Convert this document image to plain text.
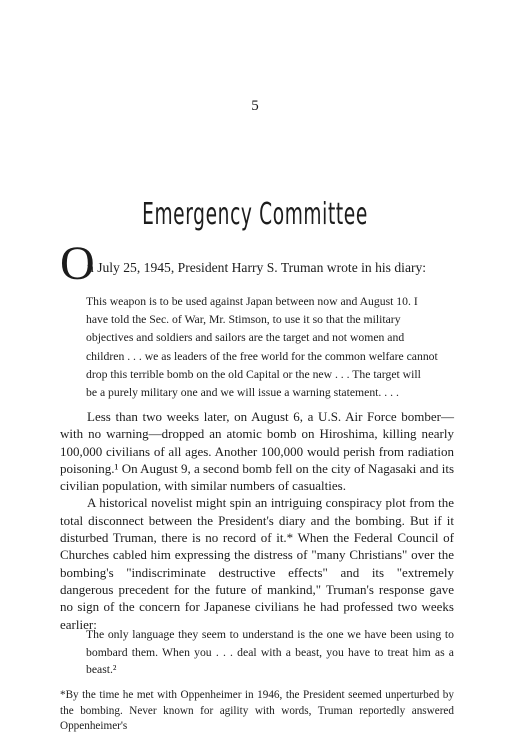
5
Emergency Committee
O
n July 25, 1945, President Harry S. Truman wrote in his diary:

This weapon is to be used against Japan between now and August 10. I

have told the Sec. of War, Mr. Stimson, to use it so that the military

objectives and soldiers and sailors are the target and not women and

children . . . we as leaders of the free world for the common welfare cannot

drop this terrible bomb on the old Capital or the new . . . The target will

be a purely military one and we will issue a warning statement. . . .

Less than two weeks later, on August 6, a U.S. Air Force bomber—with no warning—dropped an atomic bomb on Hiroshima, killing nearly 100,000 civilians of all ages. Another 100,000 would perish from radiation poisoning.¹ On August 9, a second bomb fell on the city of Nagasaki and its civilian population, with similar numbers of casualties.

A historical novelist might spin an intriguing conspiracy plot from the total disconnect between the President's diary and the bombing. But if it disturbed Truman, there is no record of it.* When the Federal Council of Churches cabled him expressing the distress of "many Christians" over the bombing's "indiscriminate destructive effects" and its "extremely dangerous precedent for the future of mankind," Truman's response gave no sign of the concern for Japanese civilians he had professed two weeks earlier:

The only language they seem to understand is the one we have been using to bombard them. When you . . . deal with a beast, you have to treat him as a beast.²

*By the time he met with Oppenheimer in 1946, the President seemed unperturbed by the bombing. Never known for agility with words, Truman reportedly answered Oppenheimer's
